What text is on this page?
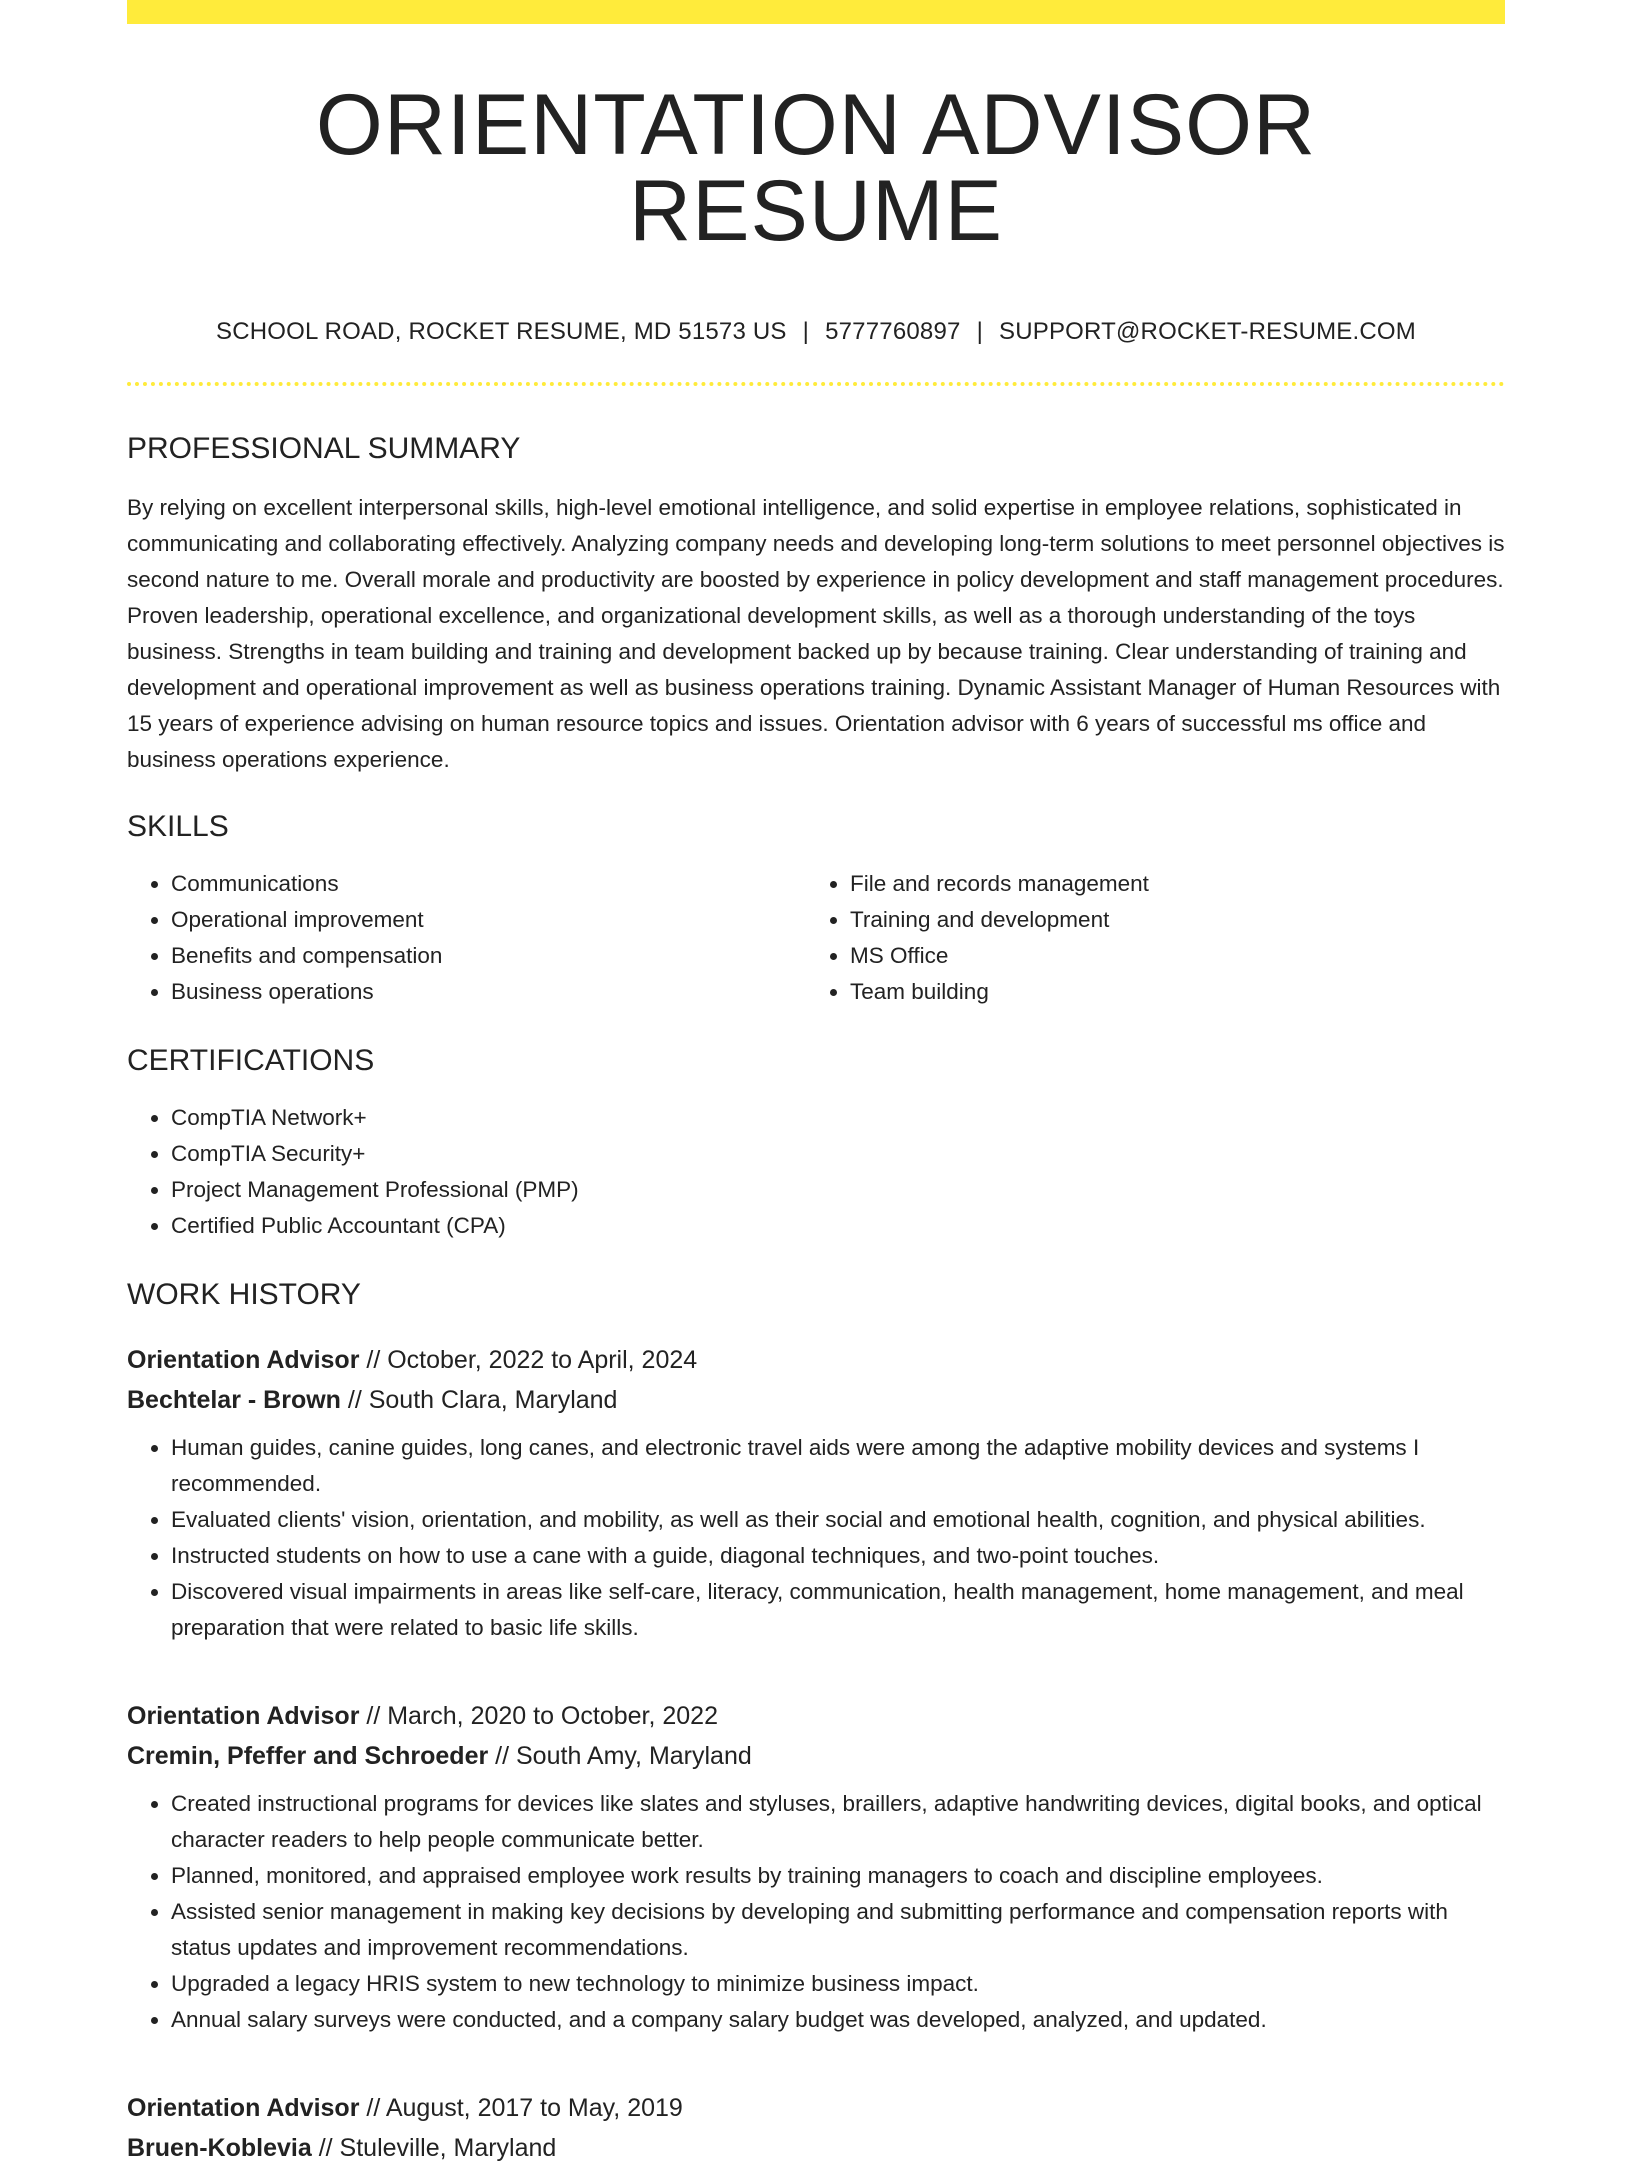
ORIENTATION ADVISOR RESUME
SCHOOL ROAD, ROCKET RESUME, MD 51573 US | 5777760897 | SUPPORT@ROCKET-RESUME.COM
PROFESSIONAL SUMMARY

By relying on excellent interpersonal skills, high-level emotional intelligence, and solid expertise in employee relations, sophisticated in communicating and collaborating effectively. Analyzing company needs and developing long-term solutions to meet personnel objectives is second nature to me. Overall morale and productivity are boosted by experience in policy development and staff management procedures. Proven leadership, operational excellence, and organizational development skills, as well as a thorough understanding of the toys business. Strengths in team building and training and development backed up by because training. Clear understanding of training and development and operational improvement as well as business operations training. Dynamic Assistant Manager of Human Resources with 15 years of experience advising on human resource topics and issues. Orientation advisor with 6 years of successful ms office and business operations experience.

SKILLS
• Communications
• Operational improvement
• Benefits and compensation
• Business operations
• File and records management
• Training and development
• MS Office
• Team building
CERTIFICATIONS
• CompTIA Network+
• CompTIA Security+
• Project Management Professional (PMP)
• Certified Public Accountant (CPA)
WORK HISTORY
Orientation Advisor // October, 2022 to April, 2024
Bechtelar - Brown // South Clara, Maryland
• Human guides, canine guides, long canes, and electronic travel aids were among the adaptive mobility devices and systems I recommended.
• Evaluated clients' vision, orientation, and mobility, as well as their social and emotional health, cognition, and physical abilities.
• Instructed students on how to use a cane with a guide, diagonal techniques, and two-point touches.
• Discovered visual impairments in areas like self-care, literacy, communication, health management, home management, and meal preparation that were related to basic life skills.
Orientation Advisor // March, 2020 to October, 2022
Cremin, Pfeffer and Schroeder // South Amy, Maryland
• Created instructional programs for devices like slates and styluses, braillers, adaptive handwriting devices, digital books, and optical character readers to help people communicate better.
• Planned, monitored, and appraised employee work results by training managers to coach and discipline employees.
• Assisted senior management in making key decisions by developing and submitting performance and compensation reports with status updates and improvement recommendations.
• Upgraded a legacy HRIS system to new technology to minimize business impact.
• Annual salary surveys were conducted, and a company salary budget was developed, analyzed, and updated.
Orientation Advisor // August, 2017 to May, 2019
Bruen-Koblevia // Stuleville, Maryland
